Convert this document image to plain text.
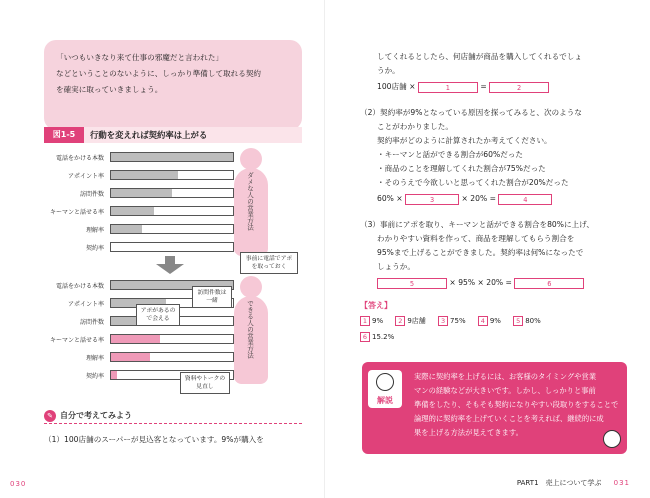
「いつもいきなり来て仕事の邪魔だと言われた」

などということのないように、しっかり準備して取れる契約

を確実に取っていきましょう。

図1-5	行動を変えれば契約率は上がる
ダメな人の営業方法
できる人の営業方法
電話をかける本数
アポイント率
訪問件数
キーマンと話せる率
理解率
契約率
電話をかける本数
アポイント率
訪問件数
キーマンと話せる率
理解率
契約率
事前に電話でアポを取っておく
訪問件数は一緒
アポがあるので会える
資料やトークの見直し
✎ 自分で考えてみよう
（1）100店舗のスーパーが見込客となっています。9%が購入を
030
してくれるとしたら、何店舗が商品を購入してくれるでしょ
うか。
100店舗 ×	1	=	2
（2）契約率が9%となっている原因を探ってみると、次のような
ことがわかりました。
契約率がどのように計算されたか考えてください。
・キーマンと話ができる割合が60%だった
・商品のことを理解してくれた割合が75%だった
・そのうえで今欲しいと思ってくれた割合が20%だった
60% ×	3	× 20% =	4
（3）事前にアポを取り、キーマンと話ができる割合を80%に上げ、
わかりやすい資料を作って、商品を理解してもらう割合を
95%まで上げることができました。契約率は何%になったで
しょうか。
5	× 95% × 20% =	6
【答え】
1 9% 2 9店舗 3 75% 4 9% 5 80%
6 15.2%
解説

実際に契約率を上げるには、お客様のタイミングや営業

マンの経験などが大きいです。しかし、しっかりと事前

準備をしたり、そもそも契約になりやすい段取りをすることで

論理的に契約率を上げていくことを考えれば、継続的に成

果を上げる方法が見えてきます。

PART1　売上について学ぶ 031
